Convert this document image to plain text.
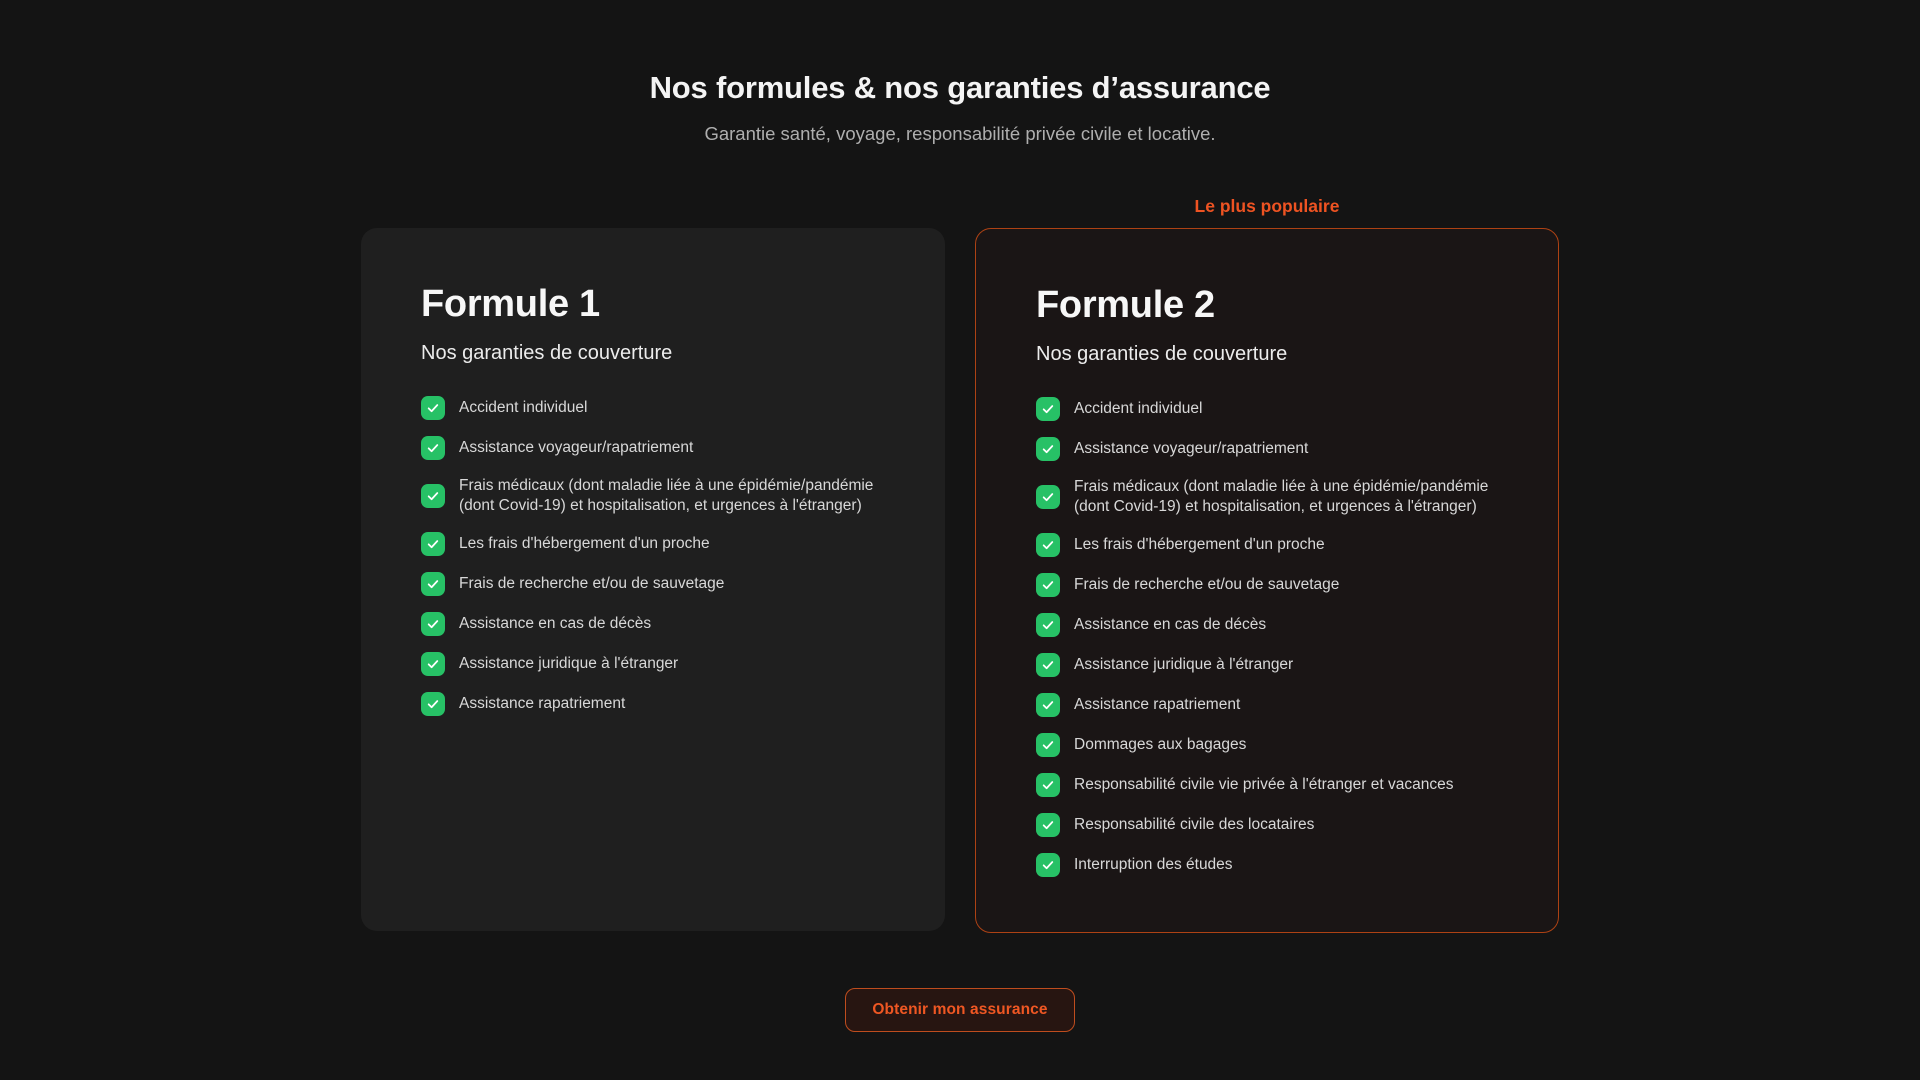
Nos formules & nos garanties d’assurance

Garantie santé, voyage, responsabilité privée civile et locative.

Formule 1

Nos garanties de couverture

Accident individuel
Assistance voyageur/rapatriement
Frais médicaux (dont maladie liée à une épidémie/pandémie (dont Covid-19) et hospitalisation, et urgences à l'étranger)
Les frais d'hébergement d'un proche
Frais de recherche et/ou de sauvetage
Assistance en cas de décès
Assistance juridique à l'étranger
Assistance rapatriement
Le plus populaire
Formule 2

Nos garanties de couverture

Accident individuel
Assistance voyageur/rapatriement
Frais médicaux (dont maladie liée à une épidémie/pandémie (dont Covid-19) et hospitalisation, et urgences à l'étranger)
Les frais d'hébergement d'un proche
Frais de recherche et/ou de sauvetage
Assistance en cas de décès
Assistance juridique à l'étranger
Assistance rapatriement
Dommages aux bagages
Responsabilité civile vie privée à l'étranger et vacances
Responsabilité civile des locataires
Interruption des études
Obtenir mon assurance
